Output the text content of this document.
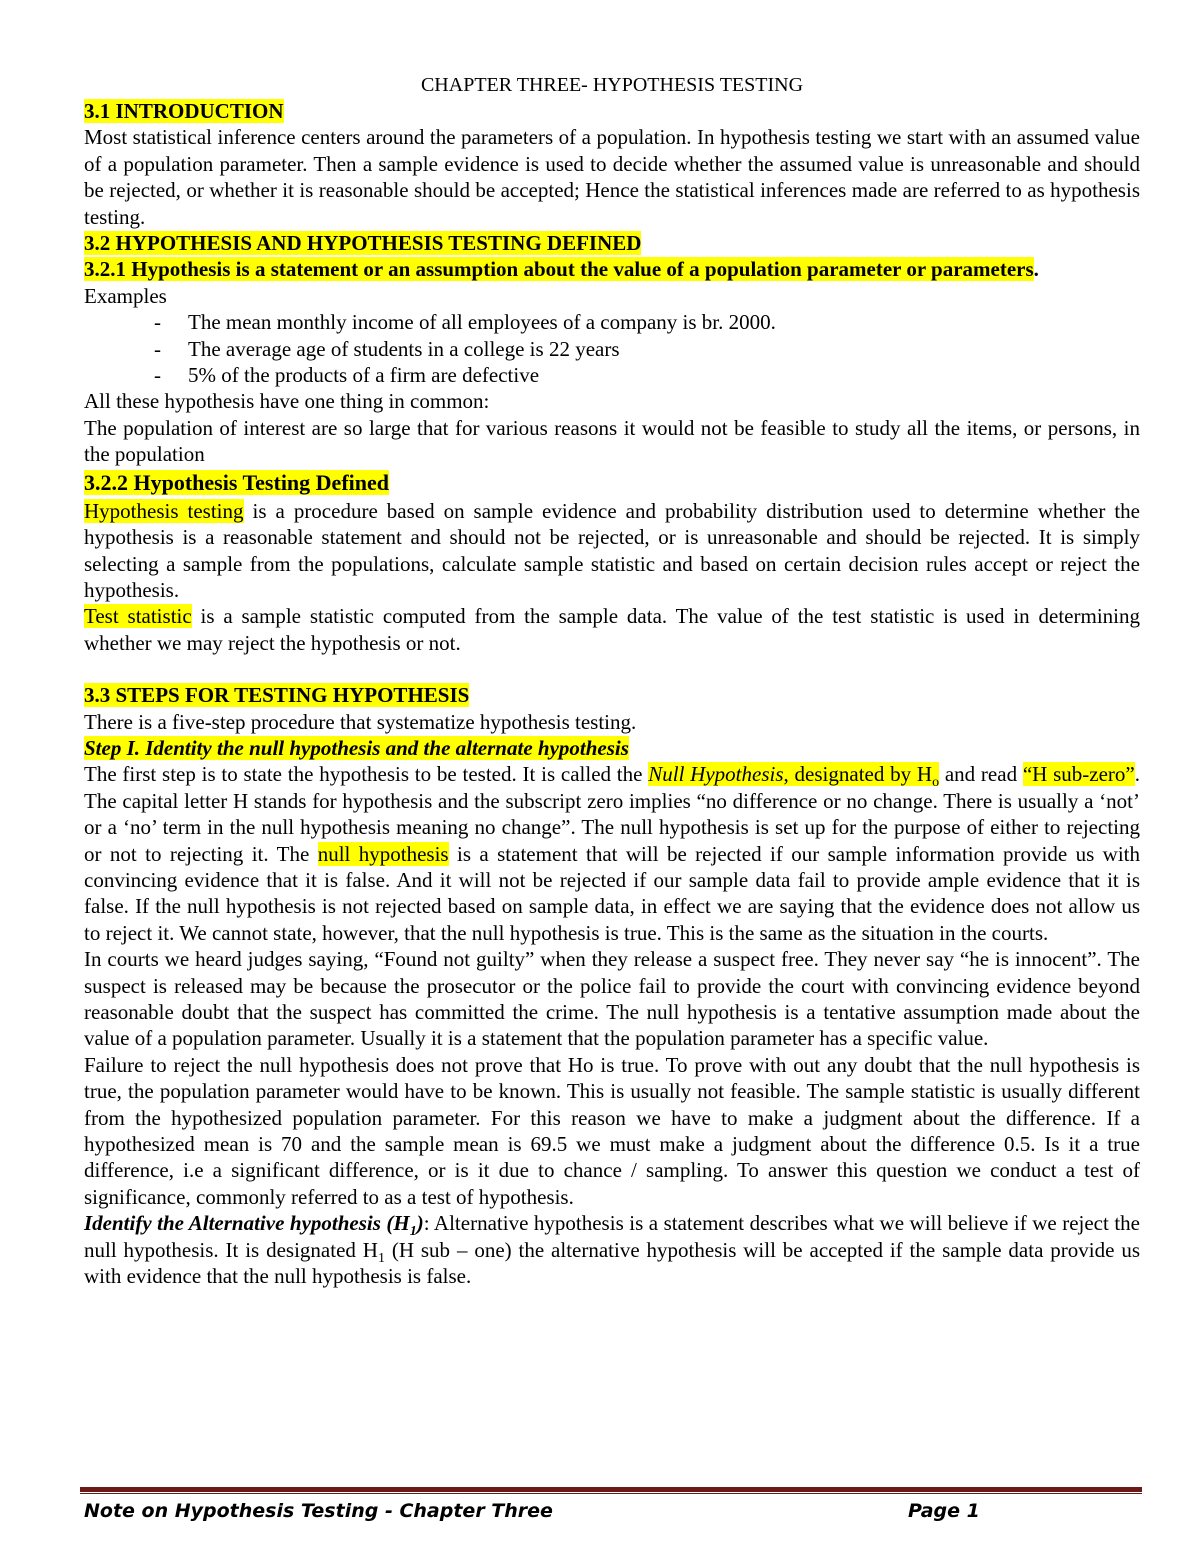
CHAPTER THREE- HYPOTHESIS TESTING

3.1 INTRODUCTION

Most statistical inference centers around the parameters of a population. In hypothesis testing we start with an assumed value of a population parameter. Then a sample evidence is used to decide whether the assumed value is unreasonable and should be rejected, or whether it is reasonable should be accepted; Hence the statistical inferences made are referred to as hypothesis testing.

3.2 HYPOTHESIS AND HYPOTHESIS TESTING DEFINED

3.2.1 Hypothesis is a statement or an assumption about the value of a population parameter or parameters.

Examples

- The mean monthly income of all employees of a company is br. 2000.
- The average age of students in a college is 22 years
- 5% of the products of a firm are defective

All these hypothesis have one thing in common:

The population of interest are so large that for various reasons it would not be feasible to study all the items, or persons, in the population

3.2.2 Hypothesis Testing Defined

Hypothesis testing is a procedure based on sample evidence and probability distribution used to determine whether the hypothesis is a reasonable statement and should not be rejected, or is unreasonable and should be rejected. It is simply selecting a sample from the populations, calculate sample statistic and based on certain decision rules accept or reject the hypothesis.

Test statistic is a sample statistic computed from the sample data. The value of the test statistic is used in determining whether we may reject the hypothesis or not.

3.3 STEPS FOR TESTING HYPOTHESIS

There is a five-step procedure that systematize hypothesis testing.

Step I. Identity the null hypothesis and the alternate hypothesis

The first step is to state the hypothesis to be tested. It is called the Null Hypothesis, designated by $H_o$ and read “H sub-zero”. The capital letter H stands for hypothesis and the subscript zero implies “no difference or no change. There is usually a ‘not’ or a ‘no’ term in the null hypothesis meaning no change”. The null hypothesis is set up for the purpose of either to rejecting or not to rejecting it. The null hypothesis is a statement that will be rejected if our sample information provide us with convincing evidence that it is false. And it will not be rejected if our sample data fail to provide ample evidence that it is false. If the null hypothesis is not rejected based on sample data, in effect we are saying that the evidence does not allow us to reject it. We cannot state, however, that the null hypothesis is true. This is the same as the situation in the courts.

In courts we heard judges saying, “Found not guilty” when they release a suspect free. They never say “he is innocent”. The suspect is released may be because the prosecutor or the police fail to provide the court with convincing evidence beyond reasonable doubt that the suspect has committed the crime. The null hypothesis is a tentative assumption made about the value of a population parameter. Usually it is a statement that the population parameter has a specific value.

Failure to reject the null hypothesis does not prove that Ho is true. To prove with out any doubt that the null hypothesis is true, the population parameter would have to be known. This is usually not feasible. The sample statistic is usually different from the hypothesized population parameter. For this reason we have to make a judgment about the difference. If a hypothesized mean is 70 and the sample mean is 69.5 we must make a judgment about the difference 0.5. Is it a true difference, i.e a significant difference, or is it due to chance / sampling. To answer this question we conduct a test of significance, commonly referred to as a test of hypothesis.

Identify the Alternative hypothesis $(H_1)$: Alternative hypothesis is a statement describes what we will believe if we reject the null hypothesis. It is designated $H_1$ (H sub – one) the alternative hypothesis will be accepted if the sample data provide us with evidence that the null hypothesis is false.

Note on Hypothesis Testing - Chapter Three	Page 1
